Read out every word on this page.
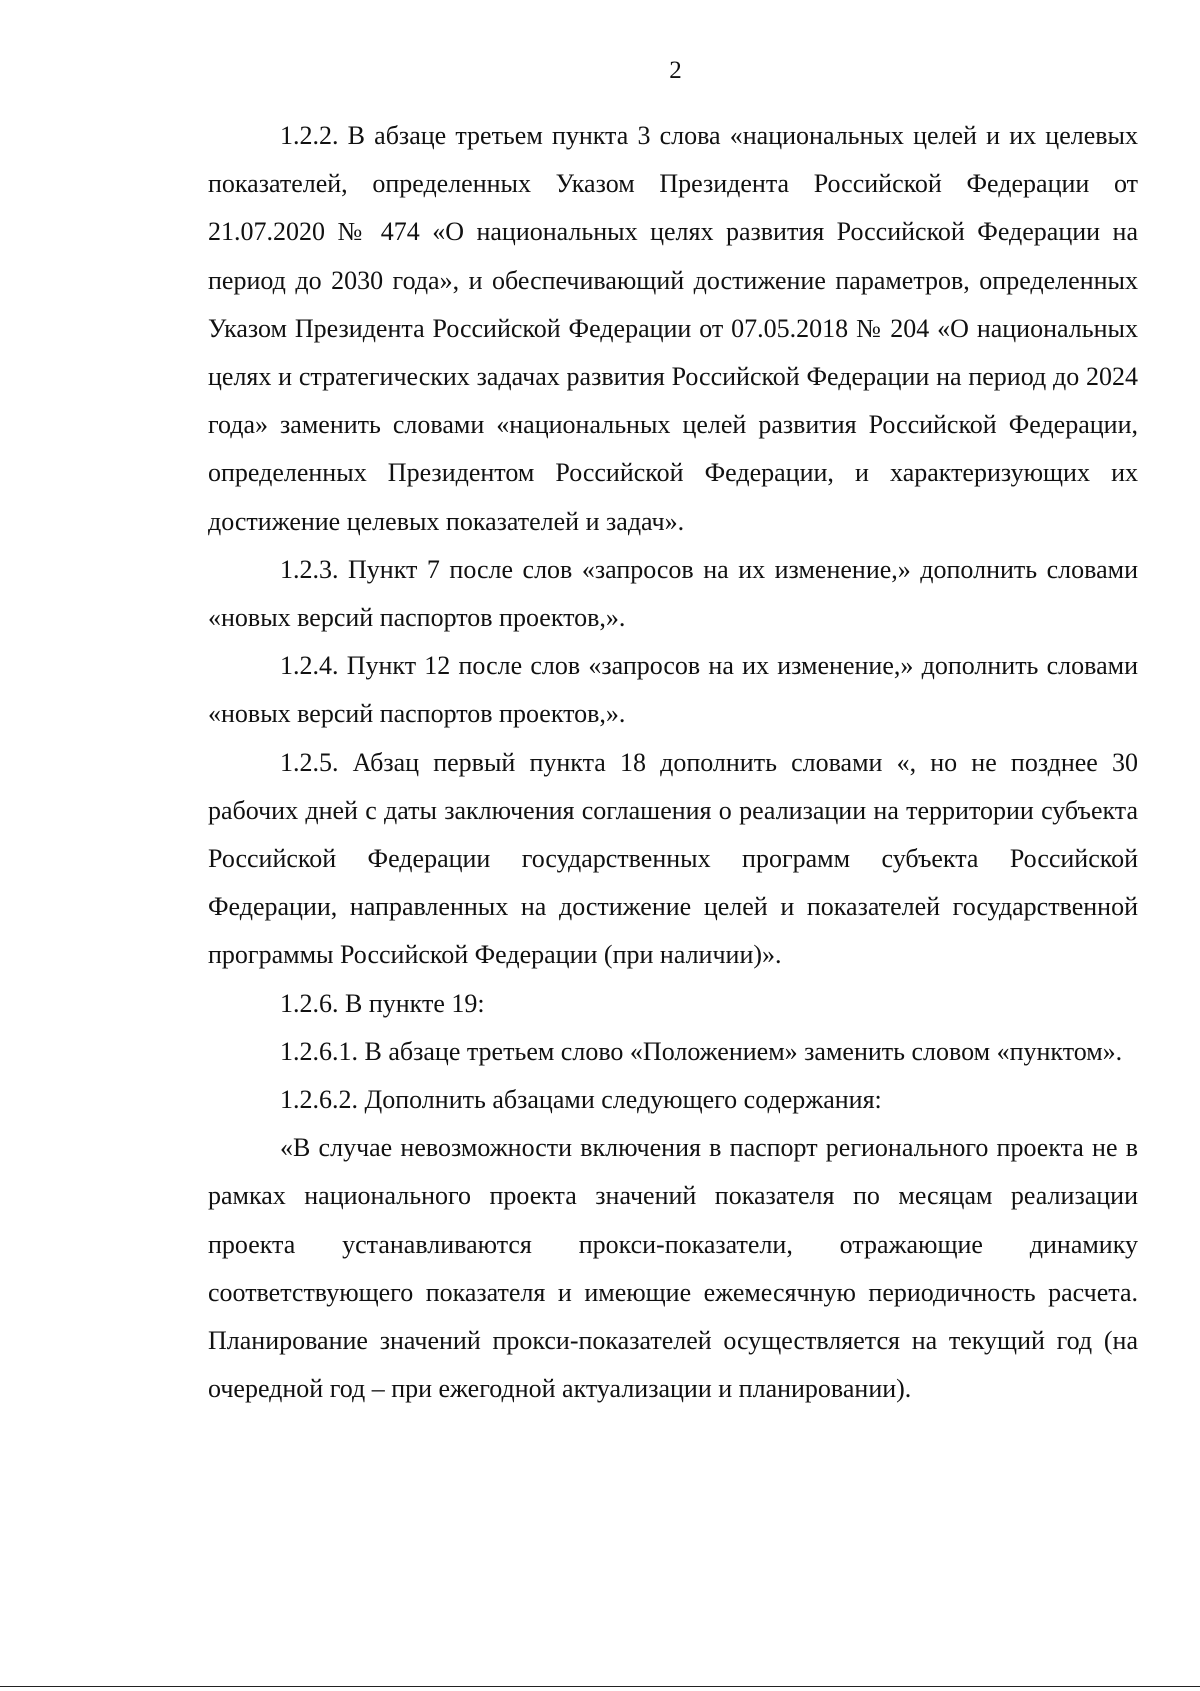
2

1.2.2. В абзаце третьем пункта 3 слова «национальных целей и их целевых показателей, определенных Указом Президента Российской Федерации от 21.07.2020 № 474 «О национальных целях развития Российской Федерации на период до 2030 года», и обеспечивающий достижение параметров, определенных Указом Президента Российской Федерации от 07.05.2018 № 204 «О национальных целях и стратегических задачах развития Российской Федерации на период до 2024 года» заменить словами «национальных целей развития Российской Федерации, определенных Президентом Российской Федерации, и характеризующих их достижение целевых показателей и задач».

1.2.3. Пункт 7 после слов «запросов на их изменение,» дополнить словами «новых версий паспортов проектов,».

1.2.4. Пункт 12 после слов «запросов на их изменение,» дополнить словами «новых версий паспортов проектов,».

1.2.5. Абзац первый пункта 18 дополнить словами «, но не позднее 30 рабочих дней с даты заключения соглашения о реализации на территории субъекта Российской Федерации государственных программ субъекта Российской Федерации, направленных на достижение целей и показателей государственной программы Российской Федерации (при наличии)».

1.2.6. В пункте 19:

1.2.6.1. В абзаце третьем слово «Положением» заменить словом «пунктом».

1.2.6.2. Дополнить абзацами следующего содержания:

«В случае невозможности включения в паспорт регионального проекта не в рамках национального проекта значений показателя по месяцам реализации проекта устанавливаются прокси-показатели, отражающие динамику соответствующего показателя и имеющие ежемесячную периодичность расчета. Планирование значений прокси-показателей осуществляется на текущий год (на очередной год – при ежегодной актуализации и планировании).
